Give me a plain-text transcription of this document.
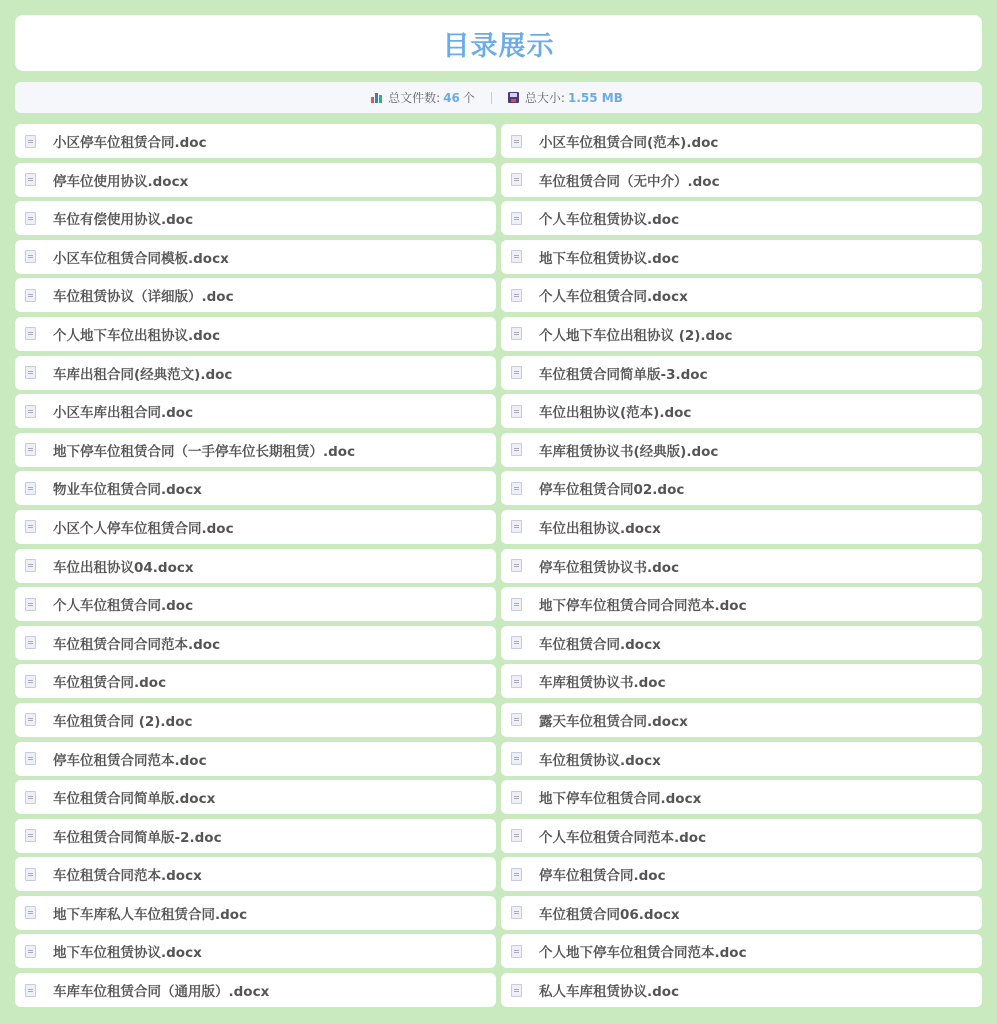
目录展示
总文件数: 46 个	总大小: 1.55 MB
小区停车位租赁合同.doc	小区车位租赁合同(范本).doc
停车位使用协议.docx	车位租赁合同（无中介）.doc
车位有偿使用协议.doc	个人车位租赁协议.doc
小区车位租赁合同模板.docx	地下车位租赁协议.doc
车位租赁协议（详细版）.doc	个人车位租赁合同.docx
个人地下车位出租协议.doc	个人地下车位出租协议 (2).doc
车库出租合同(经典范文).doc	车位租赁合同简单版-3.doc
小区车库出租合同.doc	车位出租协议(范本).doc
地下停车位租赁合同（一手停车位长期租赁）.doc	车库租赁协议书(经典版).doc
物业车位租赁合同.docx	停车位租赁合同02.doc
小区个人停车位租赁合同.doc	车位出租协议.docx
车位出租协议04.docx	停车位租赁协议书.doc
个人车位租赁合同.doc	地下停车位租赁合同合同范本.doc
车位租赁合同合同范本.doc	车位租赁合同.docx
车位租赁合同.doc	车库租赁协议书.doc
车位租赁合同 (2).doc	露天车位租赁合同.docx
停车位租赁合同范本.doc	车位租赁协议.docx
车位租赁合同简单版.docx	地下停车位租赁合同.docx
车位租赁合同简单版-2.doc	个人车位租赁合同范本.doc
车位租赁合同范本.docx	停车位租赁合同.doc
地下车库私人车位租赁合同.doc	车位租赁合同06.docx
地下车位租赁协议.docx	个人地下停车位租赁合同范本.doc
车库车位租赁合同（通用版）.docx	私人车库租赁协议.doc
